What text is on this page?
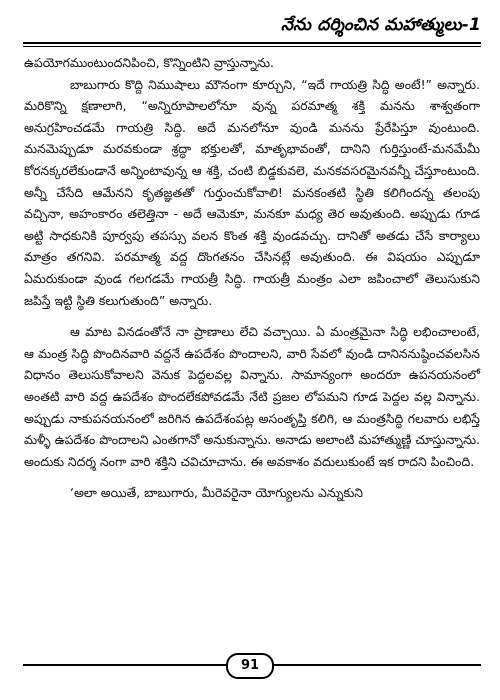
నేను దర్శించిన మహాత్ములు-1

ఉపయోగముంటుందనిపించి, కొన్నింటిని వ్రాస్తున్నాను.

బాబుగారు కొద్ది నిముషాలు మౌనంగా కూర్చుని, “ఇదే గాయత్రి సిద్ధి అంటే!” అన్నారు. మరికొన్ని క్షణాలాగి, “అన్నిరూపాలలోనూ వున్న పరమాత్మ శక్తి మనను శాశ్వతంగా అనుగ్రహించడమే గాయత్రి సిద్ధి. అదే మనలోనూ వుండి మనను ప్రేరేపిస్తూ వుంటుంది. మనమెప్పుడూ మరవకుండా శ్రద్ధా భక్తులతో, మాతృభావంతో, దానిని గుర్తిస్తుంటే-మనమేమీ కోరనక్కరలేకుండానే అన్నింటావున్న ఆ శక్తి, చంటి బిడ్డకువలె, మనకవసరమైనవన్నీ చేస్తూంటుంది. అన్నీ చేసేది ఆమేనని కృతజ్ఞతతో గుర్తుంచుకోవాలి! మనకంతటి స్థితి కలిగిందన్న తలంపు వచ్చినా, అహంకారం తలెత్తినా - అదే ఆమెకూ, మనకూ మధ్య తెర అవుతుంది. అప్పుడు గూడ అట్టి సాధకునికి పూర్వపు తపస్సు వలన కొంత శక్తి వుండవచ్చు. దానితో అతడు చేసే కార్యాలు మాత్రం తగనివి. పరమాత్మ వద్ద దొంగతనం చేసినట్లే అవుతుంది. ఈ విషయం ఎప్పుడూ ఏమరుకుండా వుండ గలగడమే గాయత్రీ సిద్ధి. గాయత్రీ మంత్రం ఎలా జపించాలో తెలుసుకుని జపిస్తే ఇట్టి స్థితి కలుగుతుంది” అన్నారు.

ఆ మాట వినడంతోనే నా ప్రాణాలు లేచి వచ్చాయి. ఏ మంత్రమైనా సిద్ధి లభించాలంటే, ఆ మంత్ర సిద్ధి పొందినవారి వద్దనే ఉపదేశం పొందాలని, వారి సేవలో వుండి దానిననుష్ఠించవలసిన విధానం తెలుసుకోవాలని వెనుక పెద్దలవల్ల విన్నాను. సామాన్యంగా అందరూ ఉపనయనంలో అంతటి వారి వద్ద ఉపదేశం పొందలేకపోవడమే నేటి ప్రజల లోపమని గూడ పెద్దల వల్ల విన్నాను. అప్పుడు నాకుపనయనంలో జరిగిన ఉపదేశంపట్ల అసంతృప్తి కలిగి, ఆ మంత్రసిద్ధి గలవారు లభిస్తే మళ్ళీ ఉపదేశం పొందాలని ఎంతగానో అనుకున్నాను. అనాడు అలాంటి మహాత్ముణ్ణి చూస్తున్నాను. అందుకు నిదర్శ నంగా వారి శక్తిని చవిచూచాను. ఈ అవకాశం వదులుకుంటే ఇక రాదని పించింది.

‘అలా అయితే, బాబుగారు, మీరెవరైనా యోగ్యులను ఎన్నుకుని

91
